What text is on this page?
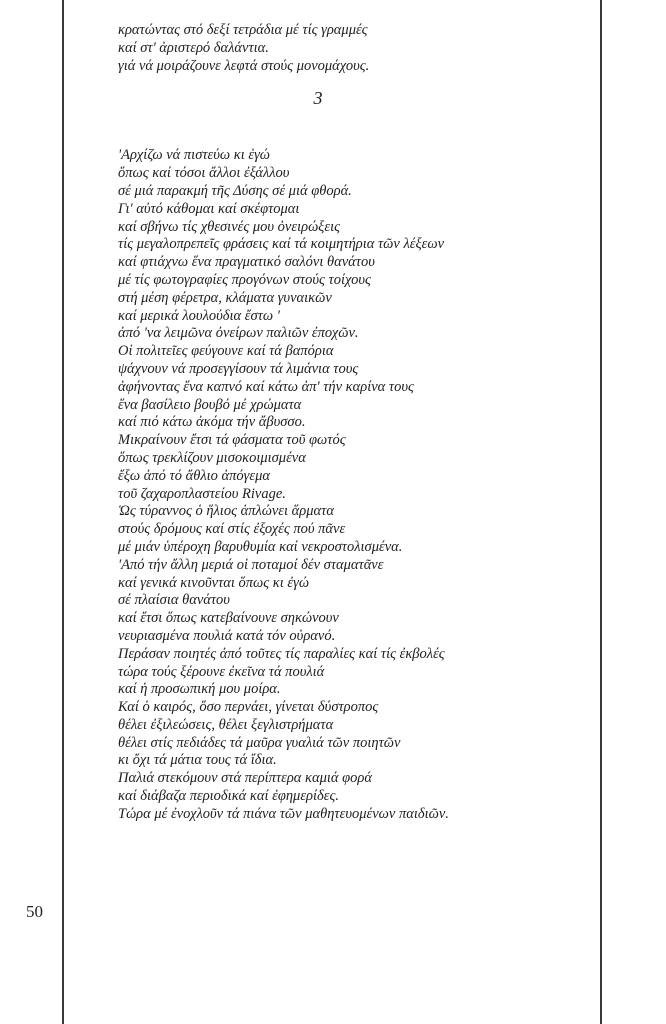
50
κρατώντας στό δεξί τετράδια μέ τίς γραμμές
καί στ' ἀριστερό δαλάντια.
γιά νά μοιράζουνε λεφτά στούς μονομάχους.
3
'Αρχίζω νά πιστεύω κι ἐγώ
ὅπως καί τόσοι ἄλλοι ἐξάλλου
σέ μιά παρακμή τῆς Δύσης σέ μιά φθορά.
Γι' αὐτό κάθομαι καί σκέφτομαι
καί σβήνω τίς χθεσινές μου ὀνειρώξεις
τίς μεγαλοπρεπεῖς φράσεις καί τά κοιμητήρια τῶν λέξεων
καί φτιάχνω ἕνα πραγματικό σαλόνι θανάτου
μέ τίς φωτογραφίες προγόνων στούς τοίχους
στή μέση φέρετρα, κλάματα γυναικῶν
καί μερικά λουλούδια ἔστω '
ἀπό 'να λειμῶνα ὀνείρων παλιῶν ἐποχῶν.
Οἱ πολιτεῖες φεύγουνε καί τά βαπόρια
ψάχνουν νά προσεγγίσουν τά λιμάνια τους
ἀφήνοντας ἕνα καπνό καί κάτω ἀπ' τήν καρίνα τους
ἕνα βασίλειο βουβό μέ χρώματα
καί πιό κάτω ἀκόμα τήν ἄβυσσο.
Μικραίνουν ἔτσι τά φάσματα τοῦ φωτός
ὅπως τρεκλίζουν μισοκοιμισμένα
ἔξω ἀπό τό ἄθλιο ἀπόγεμα
τοῦ ζαχαροπλαστείου Rivage.
Ὡς τύραννος ὁ ἥλιος ἁπλώνει ἅρματα
στούς δρόμους καί στίς ἐξοχές πού πᾶνε
μέ μιάν ὑπέροχη βαρυθυμία καί νεκροστολισμένα.
'Από τήν ἄλλη μεριά οἱ ποταμοί δέν σταματᾶνε
καί γενικά κινοῦνται ὅπως κι ἐγώ
σέ πλαίσια θανάτου
καί ἔτσι ὅπως κατεβαίνουνε σηκώνουν
νευριασμένα πουλιά κατά τόν οὐρανό.
Περάσαν ποιητές ἀπό τοῦτες τίς παραλίες καί τίς ἐκβολές
τώρα τούς ξέρουνε ἐκεῖνα τά πουλιά
καί ἡ προσωπική μου μοίρα.
Καί ὁ καιρός, ὅσο περνάει, γίνεται δύστροπος
θέλει ἐξιλεώσεις, θέλει ξεγλιστρήματα
θέλει στίς πεδιάδες τά μαῦρα γυαλιά τῶν ποιητῶν
κι ὄχι τά μάτια τους τά ἴδια.
Παλιά στεκόμουν στά περίπτερα καμιά φορά
καί διάβαζα περιοδικά καί ἐφημερίδες.
Τώρα μέ ἐνοχλοῦν τά πιάνα τῶν μαθητευομένων παιδιῶν.
